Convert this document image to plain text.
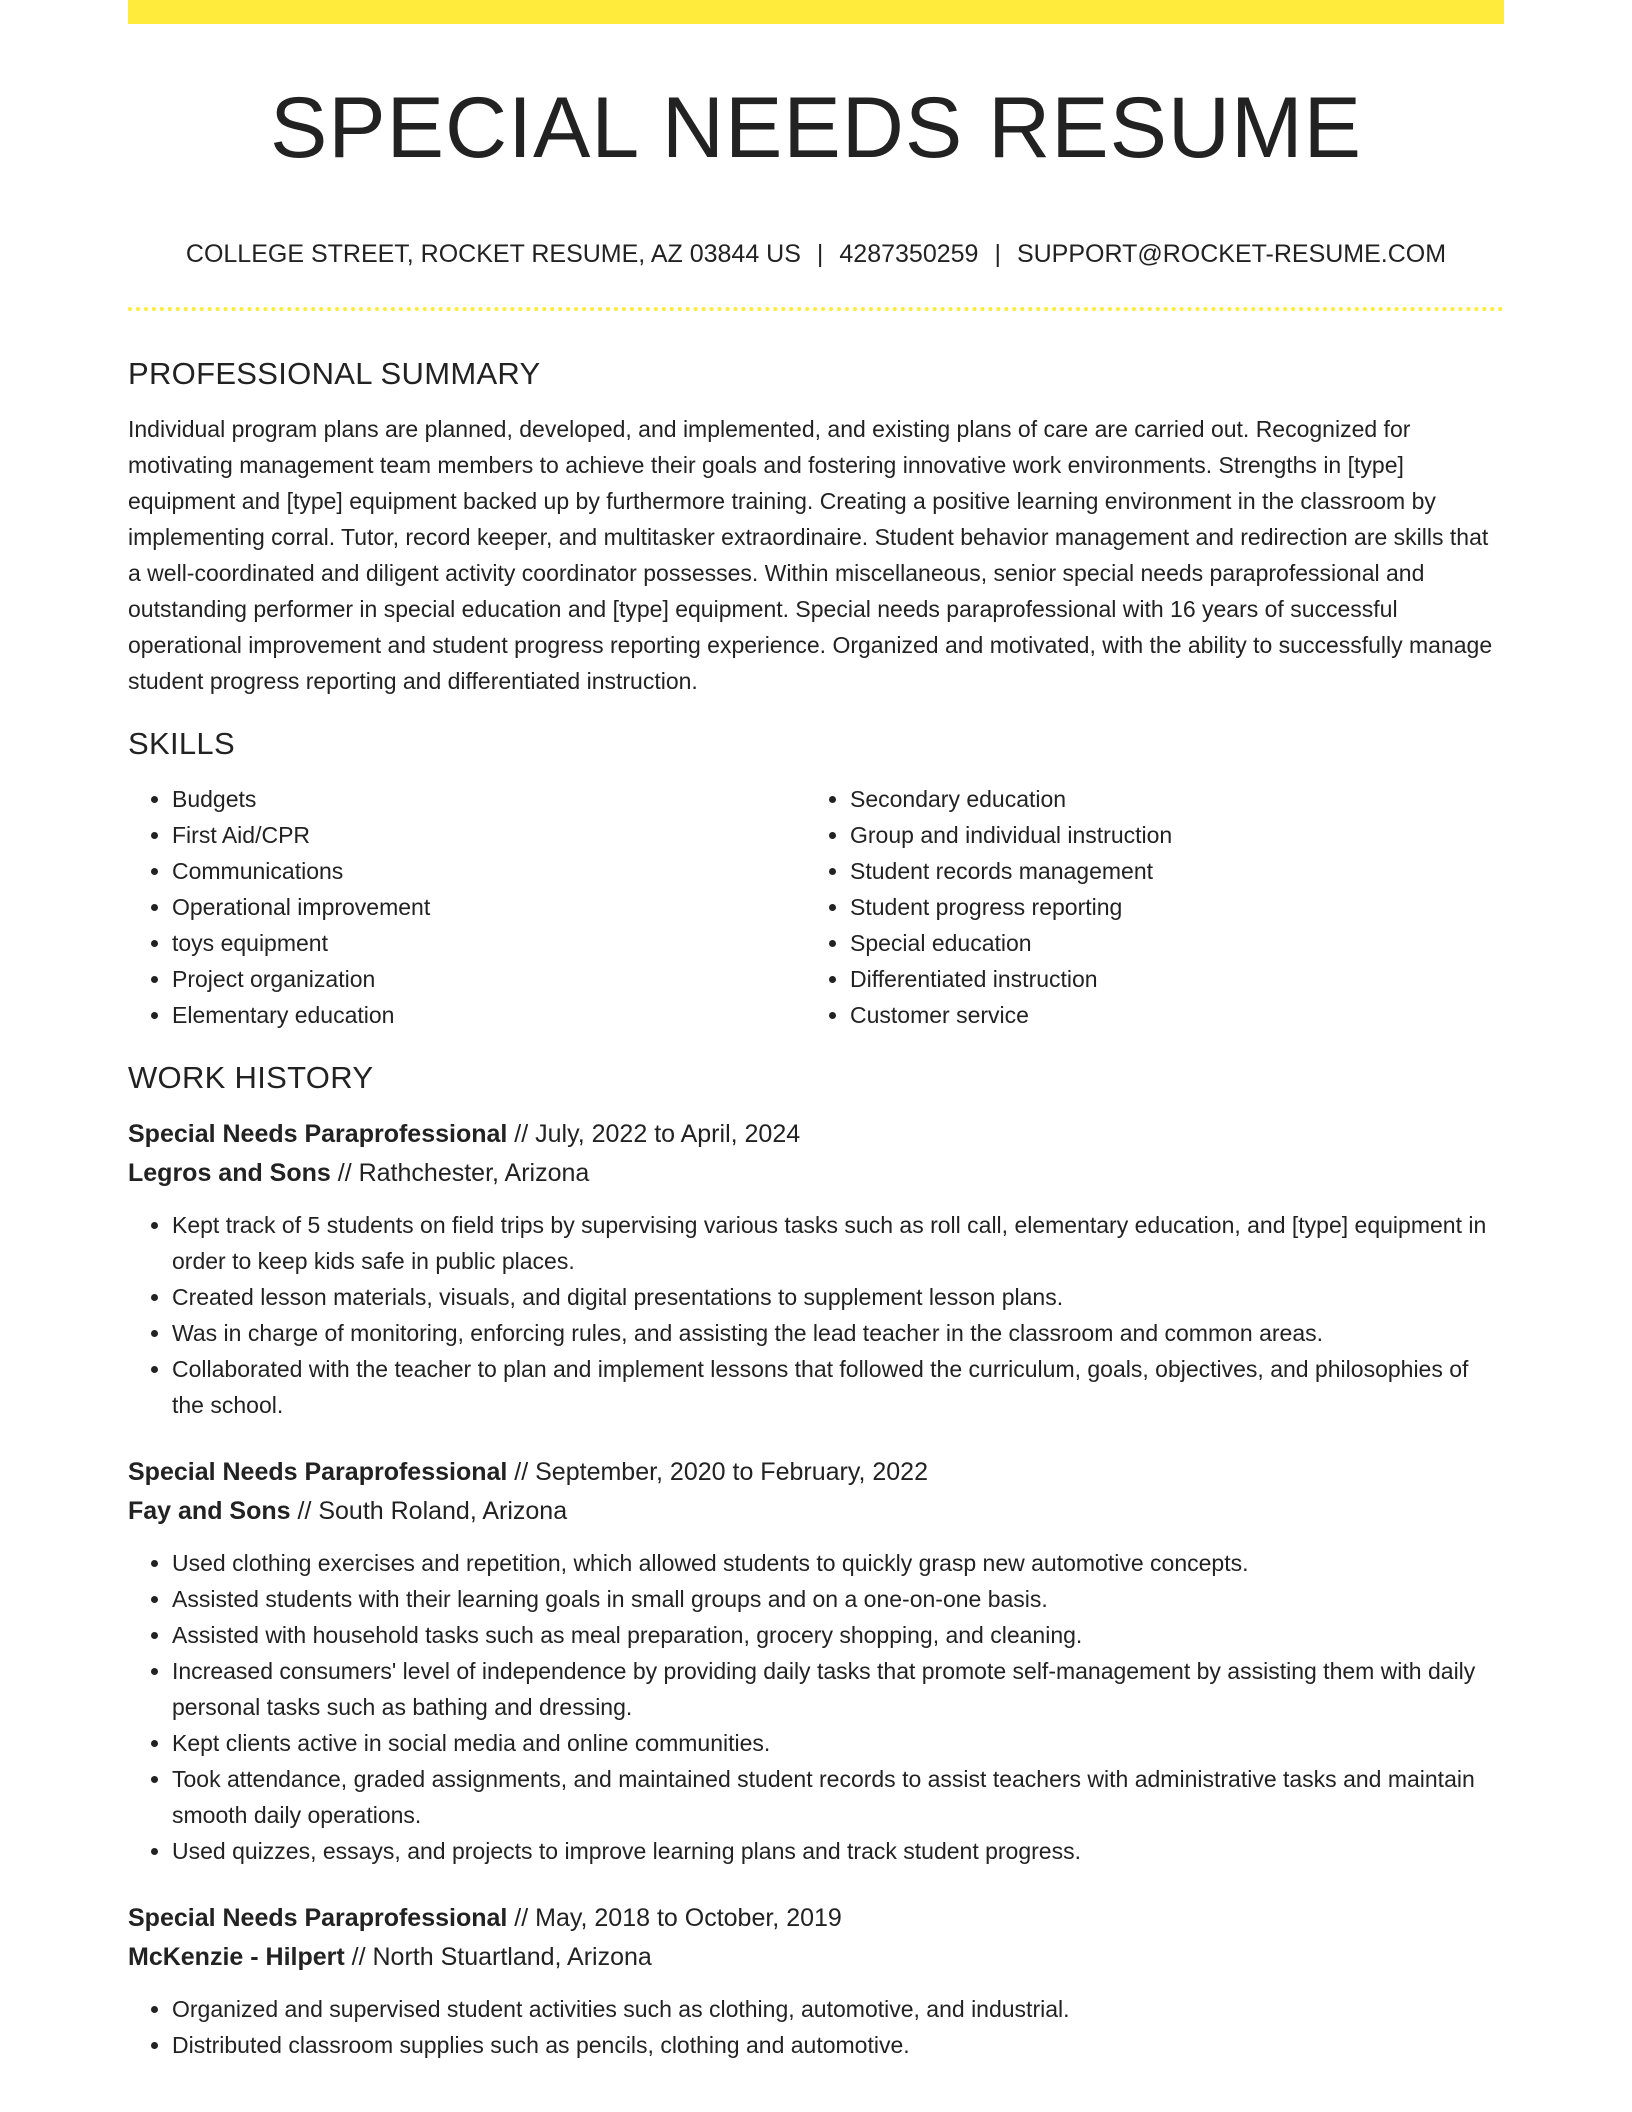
SPECIAL NEEDS RESUME
COLLEGE STREET, ROCKET RESUME, AZ 03844 US | 4287350259 | SUPPORT@ROCKET-RESUME.COM
PROFESSIONAL SUMMARY

Individual program plans are planned, developed, and implemented, and existing plans of care are carried out. Recognized for motivating management team members to achieve their goals and fostering innovative work environments. Strengths in [type] equipment and [type] equipment backed up by furthermore training. Creating a positive learning environment in the classroom by implementing corral. Tutor, record keeper, and multitasker extraordinaire. Student behavior management and redirection are skills that a well-coordinated and diligent activity coordinator possesses. Within miscellaneous, senior special needs paraprofessional and outstanding performer in special education and [type] equipment. Special needs paraprofessional with 16 years of successful operational improvement and student progress reporting experience. Organized and motivated, with the ability to successfully manage student progress reporting and differentiated instruction.

SKILLS
• Budgets
• First Aid/CPR
• Communications
• Operational improvement
• toys equipment
• Project organization
• Elementary education
• Secondary education
• Group and individual instruction
• Student records management
• Student progress reporting
• Special education
• Differentiated instruction
• Customer service
WORK HISTORY

Special Needs Paraprofessional // July, 2022 to April, 2024

Legros and Sons // Rathchester, Arizona

• Kept track of 5 students on field trips by supervising various tasks such as roll call, elementary education, and [type] equipment in order to keep kids safe in public places.
• Created lesson materials, visuals, and digital presentations to supplement lesson plans.
• Was in charge of monitoring, enforcing rules, and assisting the lead teacher in the classroom and common areas.
• Collaborated with the teacher to plan and implement lessons that followed the curriculum, goals, objectives, and philosophies of the school.

Special Needs Paraprofessional // September, 2020 to February, 2022

Fay and Sons // South Roland, Arizona

• Used clothing exercises and repetition, which allowed students to quickly grasp new automotive concepts.
• Assisted students with their learning goals in small groups and on a one-on-one basis.
• Assisted with household tasks such as meal preparation, grocery shopping, and cleaning.
• Increased consumers' level of independence by providing daily tasks that promote self-management by assisting them with daily personal tasks such as bathing and dressing.
• Kept clients active in social media and online communities.
• Took attendance, graded assignments, and maintained student records to assist teachers with administrative tasks and maintain smooth daily operations.
• Used quizzes, essays, and projects to improve learning plans and track student progress.

Special Needs Paraprofessional // May, 2018 to October, 2019

McKenzie - Hilpert // North Stuartland, Arizona

• Organized and supervised student activities such as clothing, automotive, and industrial.
• Distributed classroom supplies such as pencils, clothing and automotive.
